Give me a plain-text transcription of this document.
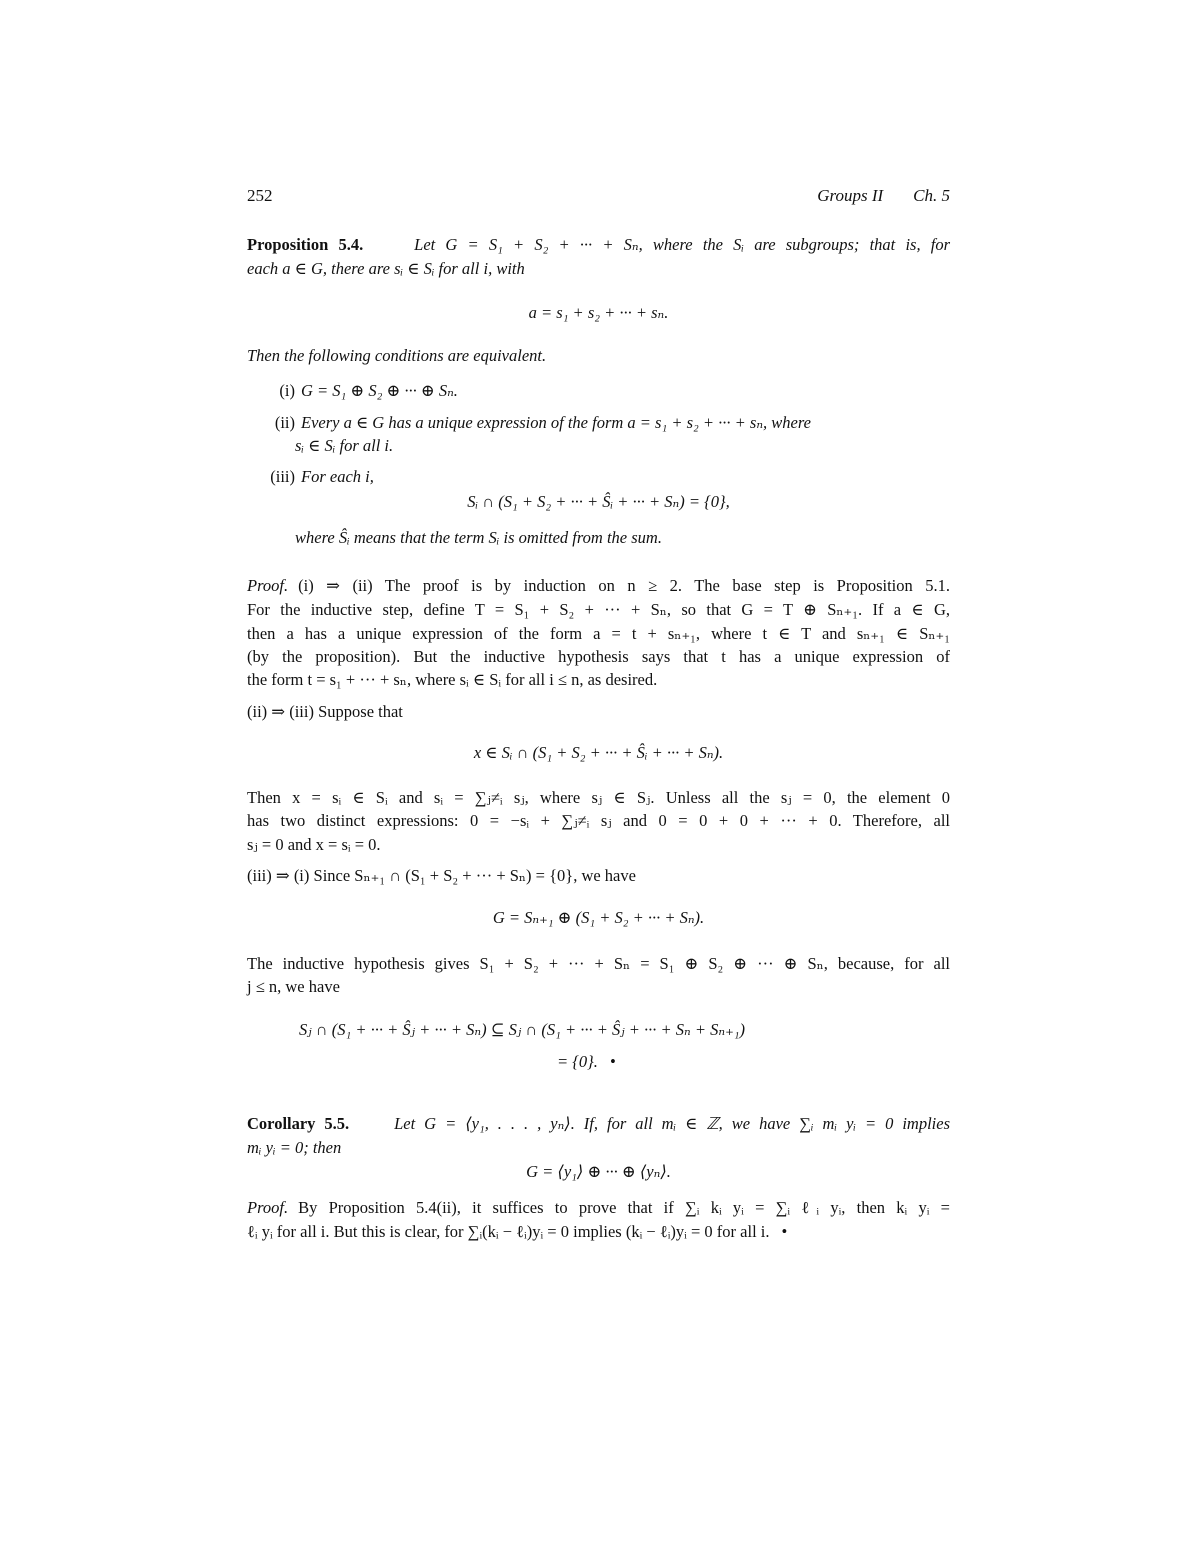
252	Groups II Ch. 5
Proposition 5.4.	Let G = S₁ + S₂ + ··· + Sₙ, where the Sᵢ are subgroups; that is, for
each a ∈ G, there are sᵢ ∈ Sᵢ for all i, with
a = s₁ + s₂ + ··· + sₙ.
Then the following conditions are equivalent.
(i) G = S₁ ⊕ S₂ ⊕ ··· ⊕ Sₙ.
(ii) Every a ∈ G has a unique expression of the form a = s₁ + s₂ + ··· + sₙ, where
sᵢ ∈ Sᵢ for all i.
(iii) For each i,
Sᵢ ∩ (S₁ + S₂ + ··· + Ŝᵢ + ··· + Sₙ) = {0},
where Ŝᵢ means that the term Sᵢ is omitted from the sum.
Proof. (i) ⇒ (ii) The proof is by induction on n ≥ 2. The base step is Proposition 5.1.
For the inductive step, define T = S₁ + S₂ + ··· + Sₙ, so that G = T ⊕ Sₙ₊₁. If a ∈ G,
then a has a unique expression of the form a = t + sₙ₊₁, where t ∈ T and sₙ₊₁ ∈ Sₙ₊₁
(by the proposition). But the inductive hypothesis says that t has a unique expression of
the form t = s₁ + ··· + sₙ, where sᵢ ∈ Sᵢ for all i ≤ n, as desired.
(ii) ⇒ (iii) Suppose that
x ∈ Sᵢ ∩ (S₁ + S₂ + ··· + Ŝᵢ + ··· + Sₙ).
Then x = sᵢ ∈ Sᵢ and sᵢ = ∑ⱼ≠ᵢ sⱼ, where sⱼ ∈ Sⱼ. Unless all the sⱼ = 0, the element 0
has two distinct expressions: 0 = −sᵢ + ∑ⱼ≠ᵢ sⱼ and 0 = 0 + 0 + ··· + 0. Therefore, all
sⱼ = 0 and x = sᵢ = 0.
(iii) ⇒ (i) Since Sₙ₊₁ ∩ (S₁ + S₂ + ··· + Sₙ) = {0}, we have
G = Sₙ₊₁ ⊕ (S₁ + S₂ + ··· + Sₙ).
The inductive hypothesis gives S₁ + S₂ + ··· + Sₙ = S₁ ⊕ S₂ ⊕ ··· ⊕ Sₙ, because, for all
j ≤ n, we have
Sⱼ ∩ (S₁ + ··· + Ŝⱼ + ··· + Sₙ) ⊆ Sⱼ ∩ (S₁ + ··· + Ŝⱼ + ··· + Sₙ + Sₙ₊₁)
= {0}. •
Corollary 5.5.	Let G = ⟨y₁, . . . , yₙ⟩. If, for all mᵢ ∈ ℤ, we have ∑ᵢ mᵢ yᵢ = 0 implies
mᵢ yᵢ = 0; then
G = ⟨y₁⟩ ⊕ ··· ⊕ ⟨yₙ⟩.
Proof. By Proposition 5.4(ii), it suffices to prove that if ∑ᵢ kᵢ yᵢ = ∑ᵢ ℓᵢ yᵢ, then kᵢ yᵢ =
ℓᵢ yᵢ for all i. But this is clear, for ∑ᵢ(kᵢ − ℓᵢ)yᵢ = 0 implies (kᵢ − ℓᵢ)yᵢ = 0 for all i. •
